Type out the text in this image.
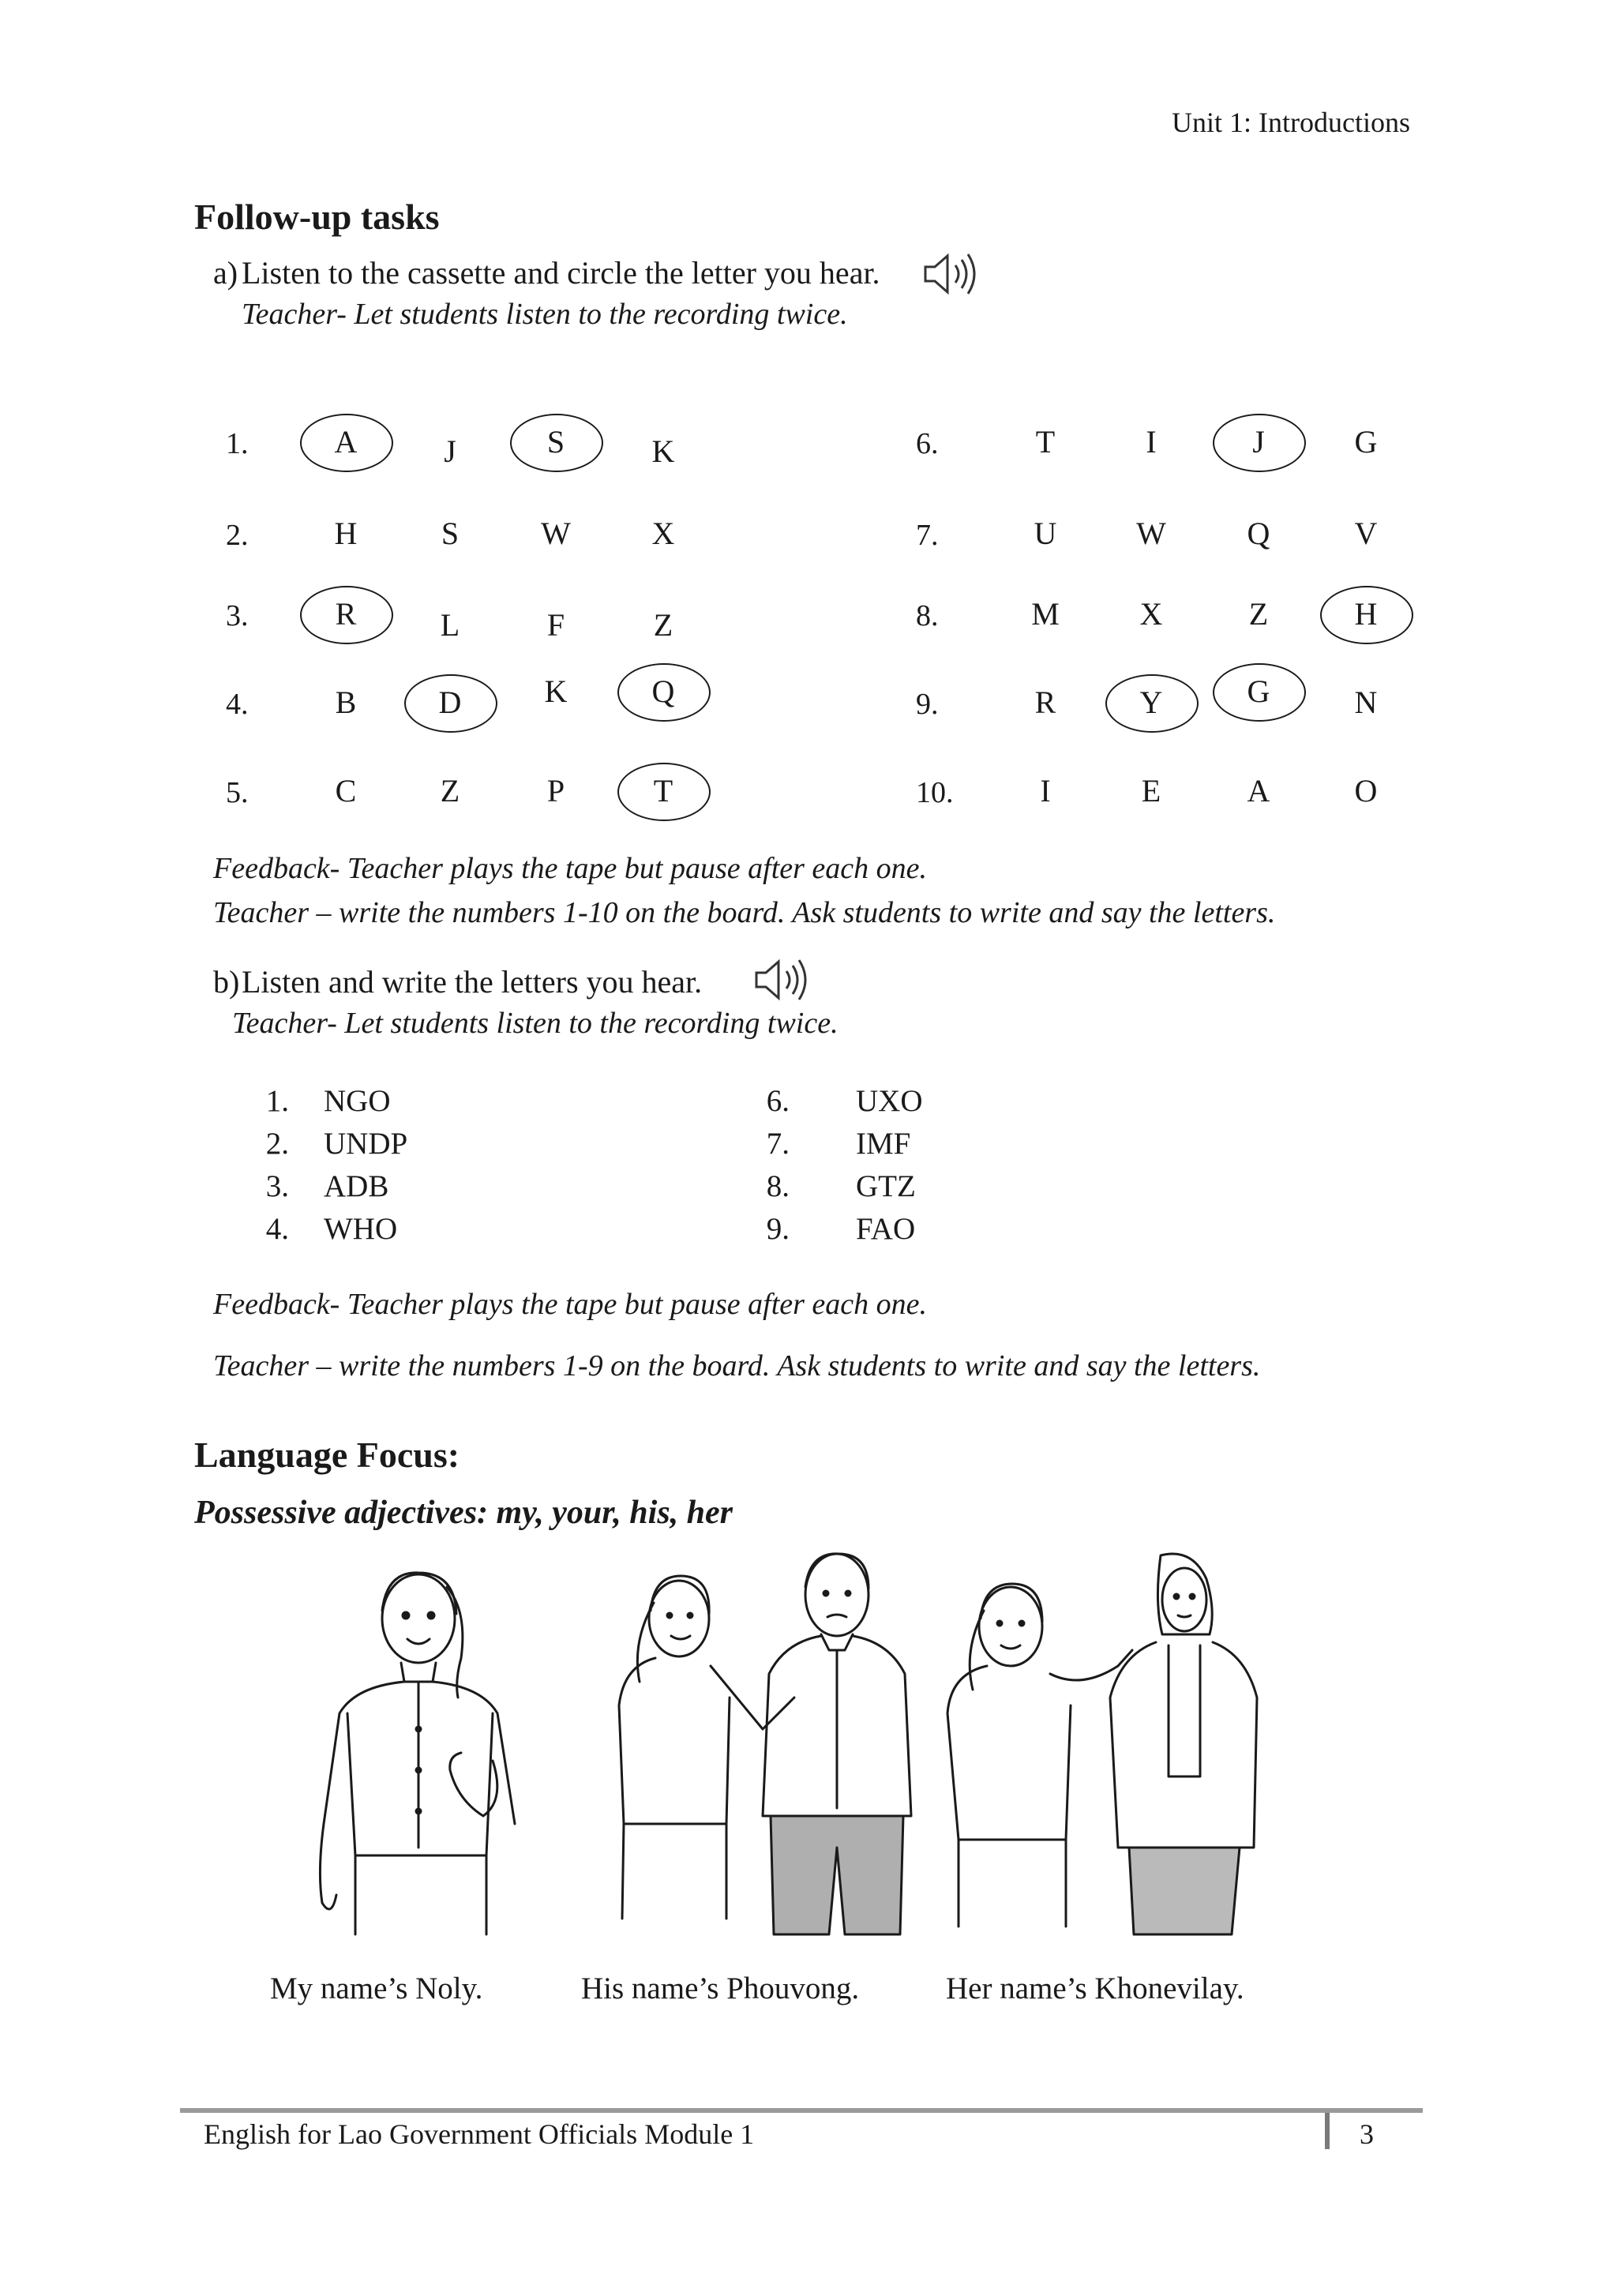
Unit 1: Introductions
Follow-up tasks
a) Listen to the cassette and circle the letter you hear.
Teacher- Let students listen to the recording twice.
1.	A	J	S	K
2.	H	S	W	X
3.	R	L	F	Z
4.	B	D	K	Q
5.	C	Z	P	T
6.	T	I	J	G
7.	U	W	Q	V
8.	M	X	Z	H
9.	R	Y	G	N
10.	I	E	A	O
Feedback- Teacher plays the tape but pause after each one.
Teacher – write the numbers 1-10 on the board. Ask students to write and say the letters.
b) Listen and write the letters you hear.
Teacher- Let students listen to the recording twice.
1. NGO
2. UNDP
3. ADB
4. WHO
6. UXO
7. IMF
8. GTZ
9. FAO
Feedback- Teacher plays the tape but pause after each one.
Teacher – write the numbers 1-9 on the board. Ask students to write and say the letters.
Language Focus:
Possessive adjectives: my, your, his, her
My name’s Noly.	His name’s Phouvong.	Her name’s Khonevilay.
English for Lao Government Officials Module 1	3
